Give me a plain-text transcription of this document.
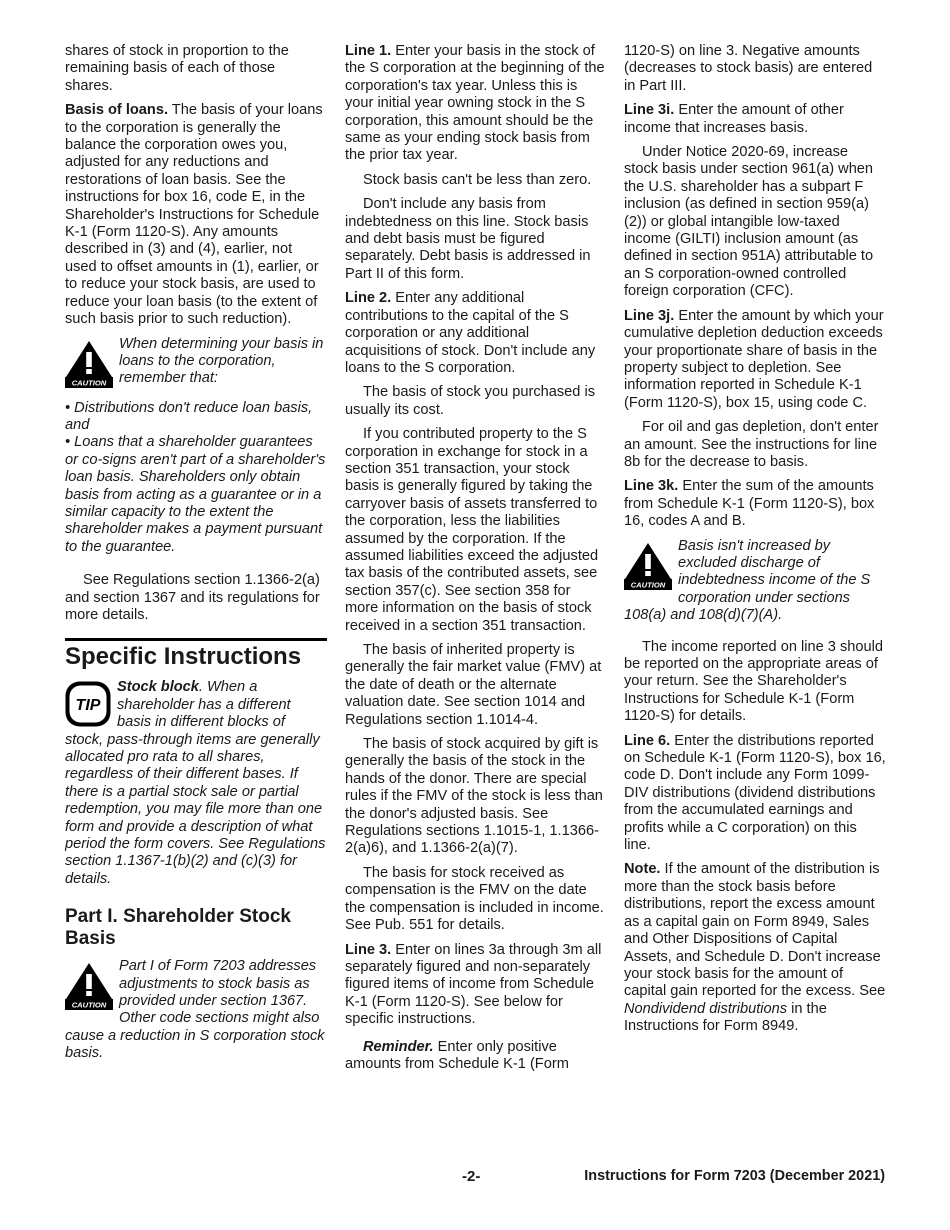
shares of stock in proportion to the remaining basis of each of those shares.

Basis of loans. The basis of your loans to the corporation is generally the balance the corporation owes you, adjusted for any reductions and restorations of loan basis. See the instructions for box 16, code E, in the Shareholder's Instructions for Schedule K-1 (Form 1120-S). Any amounts described in (3) and (4), earlier, not used to offset amounts in (1), earlier, or to reduce your stock basis, are used to reduce your loan basis (to the extent of such basis prior to such reduction).

CAUTION
When determining your basis in loans to the corporation, remember that:

• Distributions don't reduce loan basis, and

• Loans that a shareholder guarantees or co-signs aren't part of a shareholder's loan basis. Shareholders only obtain basis from acting as a guarantee or in a similar capacity to the extent the shareholder makes a payment pursuant to the guarantee.

See Regulations section 1.1366-2(a) and section 1367 and its regulations for more details.

Specific Instructions
TIP
Stock block. When a shareholder has a different basis in different blocks of stock, pass-through items are generally allocated pro rata to all shares, regardless of their different bases. If there is a partial stock sale or partial redemption, you may file more than one form and provide a description of what period the form covers. See Regulations section 1.1367-1(b)(2) and (c)(3) for details.
Part I. Shareholder Stock Basis
CAUTION
Part I of Form 7203 addresses adjustments to stock basis as provided under section 1367. Other code sections might also cause a reduction in S corporation stock basis.

Line 1. Enter your basis in the stock of the S corporation at the beginning of the corporation's tax year. Unless this is your initial year owning stock in the S corporation, this amount should be the same as your ending stock basis from the prior tax year.

Stock basis can't be less than zero.

Don't include any basis from indebtedness on this line. Stock basis and debt basis must be figured separately. Debt basis is addressed in Part II of this form.

Line 2. Enter any additional contributions to the capital of the S corporation or any additional acquisitions of stock. Don't include any loans to the S corporation.

The basis of stock you purchased is usually its cost.

If you contributed property to the S corporation in exchange for stock in a section 351 transaction, your stock basis is generally figured by taking the carryover basis of assets transferred to the corporation, less the liabilities assumed by the corporation. If the assumed liabilities exceed the adjusted tax basis of the contributed assets, see section 357(c). See section 358 for more information on the basis of stock received in a section 351 transaction.

The basis of inherited property is generally the fair market value (FMV) at the date of death or the alternate valuation date. See section 1014 and Regulations section 1.1014-4.

The basis of stock acquired by gift is generally the basis of the stock in the hands of the donor. There are special rules if the FMV of the stock is less than the donor's adjusted basis. See Regulations sections 1.1015-1, 1.1366-2(a)6), and 1.1366-2(a)(7).

The basis for stock received as compensation is the FMV on the date the compensation is included in income. See Pub. 551 for details.

Line 3. Enter on lines 3a through 3m all separately figured and non-separately figured items of income from Schedule K-1 (Form 1120-S). See below for specific instructions.

Reminder. Enter only positive amounts from Schedule K-1 (Form

1120-S) on line 3. Negative amounts (decreases to stock basis) are entered in Part III.

Line 3i. Enter the amount of other income that increases basis.

Under Notice 2020-69, increase stock basis under section 961(a) when the U.S. shareholder has a subpart F inclusion (as defined in section 959(a)(2)) or global intangible low-taxed income (GILTI) inclusion amount (as defined in section 951A) attributable to an S corporation-owned controlled foreign corporation (CFC).

Line 3j. Enter the amount by which your cumulative depletion deduction exceeds your proportionate share of basis in the property subject to depletion. See information reported in Schedule K-1 (Form 1120-S), box 15, using code C.

For oil and gas depletion, don't enter an amount. See the instructions for line 8b for the decrease to basis.

Line 3k. Enter the sum of the amounts from Schedule K-1 (Form 1120-S), box 16, codes A and B.

CAUTION
Basis isn't increased by excluded discharge of indebtedness income of the S corporation under sections 108(a) and 108(d)(7)(A).

The income reported on line 3 should be reported on the appropriate areas of your return. See the Shareholder's Instructions for Schedule K-1 (Form 1120-S) for details.

Line 6. Enter the distributions reported on Schedule K-1 (Form 1120-S), box 16, code D. Don't include any Form 1099-DIV distributions (dividend distributions from the accumulated earnings and profits while a C corporation) on this line.

Note. If the amount of the distribution is more than the stock basis before distributions, report the excess amount as a capital gain on Form 8949, Sales and Other Dispositions of Capital Assets, and Schedule D. Don't increase your stock basis for the amount of capital gain reported for the excess. See Nondividend distributions in the Instructions for Form 8949.

-2-	Instructions for Form 7203 (December 2021)
